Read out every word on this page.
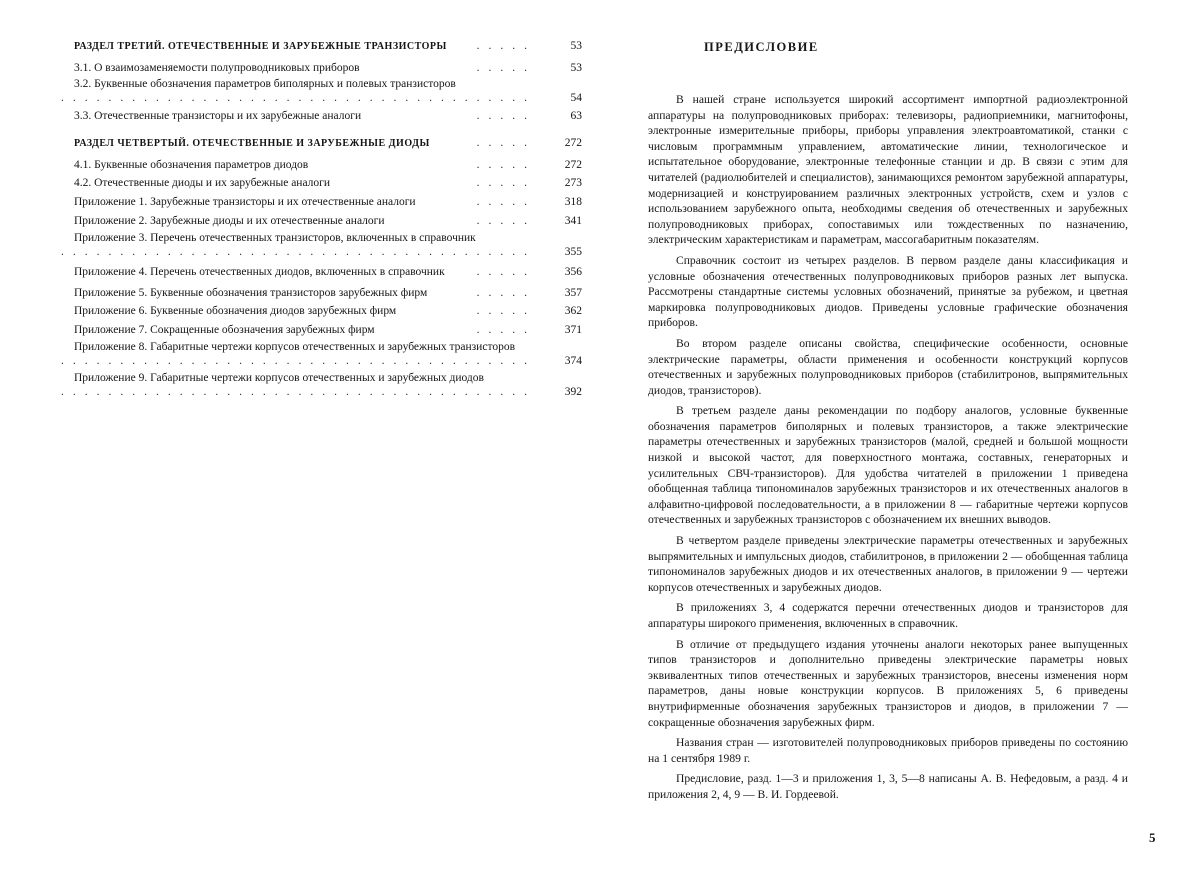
РАЗДЕЛ ТРЕТИЙ. ОТЕЧЕСТВЕННЫЕ И ЗАРУБЕЖНЫЕ ТРАНЗИСТОРЫ	.....	53
3.1. О взаимозаменяемости полупроводниковых приборов	.....	53
3.2. Буквенные обозначения параметров биполярных и полевых транзисторов
........................................	54
3.3. Отечественные транзисторы и их зарубежные аналоги	.....	63
РАЗДЕЛ ЧЕТВЕРТЫЙ. ОТЕЧЕСТВЕННЫЕ И ЗАРУБЕЖНЫЕ ДИОДЫ	.....	272
4.1. Буквенные обозначения параметров диодов	.....	272
4.2. Отечественные диоды и их зарубежные аналоги	.....	273
Приложение 1. Зарубежные транзисторы и их отечественные аналоги	.....	318
Приложение 2. Зарубежные диоды и их отечественные аналоги	.....	341
Приложение 3. Перечень отечественных транзисторов, включенных в справочник
........................................	355
Приложение 4. Перечень отечественных диодов, включенных в справочник	.....	356
Приложение 5. Буквенные обозначения транзисторов зарубежных фирм	.....	357
Приложение 6. Буквенные обозначения диодов зарубежных фирм	.....	362
Приложение 7. Сокращенные обозначения зарубежных фирм	.....	371
Приложение 8. Габаритные чертежи корпусов отечественных и зарубежных транзисторов
........................................	374
Приложение 9. Габаритные чертежи корпусов отечественных и зарубежных диодов
........................................	392
ПРЕДИСЛОВИЕ

В нашей стране используется широкий ассортимент импортной радиоэлектронной аппаратуры на полупроводниковых приборах: телевизоры, радиоприемники, магнитофоны, электронные измерительные приборы, приборы управления электроавтоматикой, станки с числовым программным управлением, автоматические линии, технологическое и испытательное оборудование, электронные телефонные станции и др. В связи с этим для читателей (радиолюбителей и специалистов), занимающихся ремонтом зарубежной аппаратуры, модернизацией и конструированием различных электронных устройств, схем и узлов с использованием зарубежного опыта, необходимы сведения об отечественных и зарубежных полупроводниковых приборах, сопоставимых или тождественных по назначению, электрическим характеристикам и параметрам, массогабаритным показателям.

Справочник состоит из четырех разделов. В первом разделе даны классификация и условные обозначения отечественных полупроводниковых приборов разных лет выпуска. Рассмотрены стандартные системы условных обозначений, принятые за рубежом, и цветная маркировка полупроводниковых диодов. Приведены условные графические обозначения приборов.

Во втором разделе описаны свойства, специфические особенности, основные электрические параметры, области применения и особенности конструкций корпусов отечественных и зарубежных полупроводниковых приборов (стабилитронов, выпрямительных диодов, транзисторов).

В третьем разделе даны рекомендации по подбору аналогов, условные буквенные обозначения параметров биполярных и полевых транзисторов, а также электрические параметры отечественных и зарубежных транзисторов (малой, средней и большой мощности низкой и высокой частот, для поверхностного монтажа, составных, генераторных и усилительных СВЧ-транзисторов). Для удобства читателей в приложении 1 приведена обобщенная таблица типономиналов зарубежных транзисторов и их отечественных аналогов в алфавитно-цифровой последовательности, а в приложении 8 — габаритные чертежи корпусов отечественных и зарубежных транзисторов с обозначением их внешних выводов.

В четвертом разделе приведены электрические параметры отечественных и зарубежных выпрямительных и импульсных диодов, стабилитронов, в приложении 2 — обобщенная таблица типономиналов зарубежных диодов и их отечественных аналогов, в приложении 9 — чертежи корпусов отечественных и зарубежных диодов.

В приложениях 3, 4 содержатся перечни отечественных диодов и транзисторов для аппаратуры широкого применения, включенных в справочник.

В отличие от предыдущего издания уточнены аналоги некоторых ранее выпущенных типов транзисторов и дополнительно приведены электрические параметры новых эквивалентных типов отечественных и зарубежных транзисторов, внесены изменения норм параметров, даны новые конструкции корпусов. В приложениях 5, 6 приведены внутрифирменные обозначения зарубежных транзисторов и диодов, в приложении 7 — сокращенные обозначения зарубежных фирм.

Названия стран — изготовителей полупроводниковых приборов приведены по состоянию на 1 сентября 1989 г.

Предисловие, разд. 1—3 и приложения 1, 3, 5—8 написаны А. В. Нефедовым, а разд. 4 и приложения 2, 4, 9 — В. И. Гордеевой.

5
